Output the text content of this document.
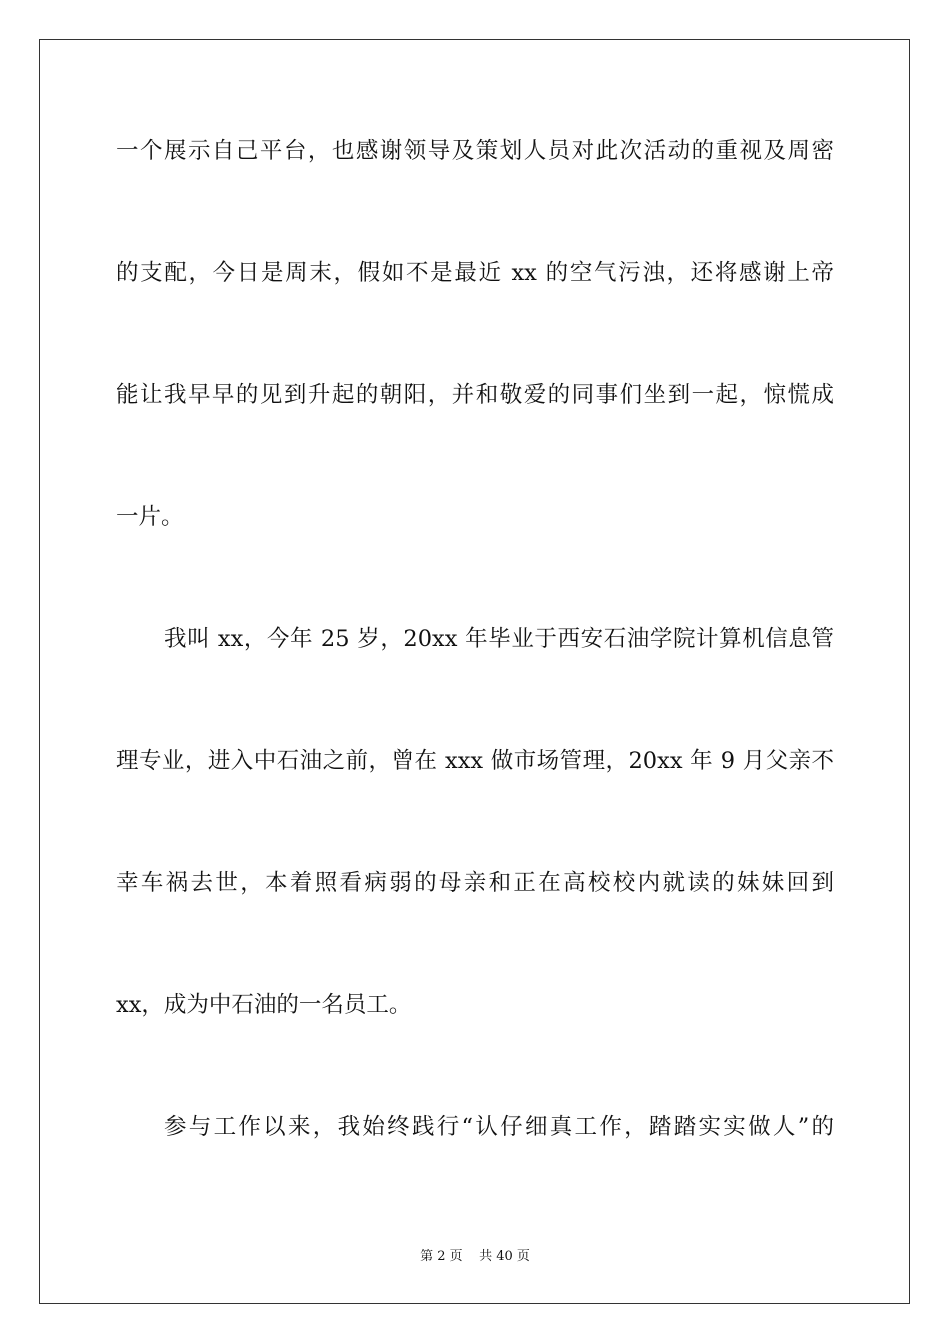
一个展示自己平台，也感谢领导及策划人员对此次活动的重视及周密
的支配，今日是周末，假如不是最近 xx 的空气污浊，还将感谢上帝
能让我早早的见到升起的朝阳，并和敬爱的同事们坐到一起，惊慌成
一片。
我叫 xx，今年 25 岁，20xx 年毕业于西安石油学院计算机信息管
理专业，进入中石油之前，曾在 xxx 做市场管理，20xx 年 9 月父亲不
幸车祸去世，本着照看病弱的母亲和正在高校校内就读的妹妹回到
xx，成为中石油的一名员工。
参与工作以来，我始终践行“认仔细真工作，踏踏实实做人”的
第 2 页    共 40 页
